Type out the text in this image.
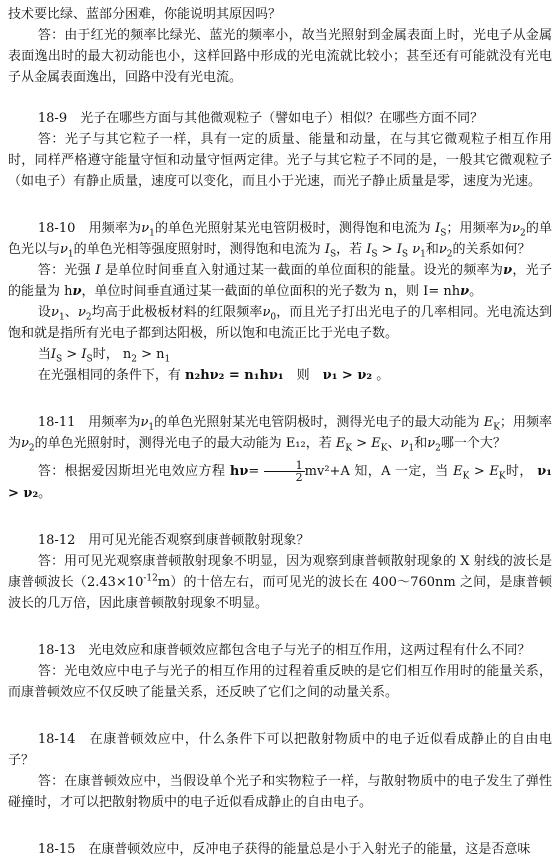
技术要比绿、蓝部分困难，你能说明其原因吗？

答：由于红光的频率比绿光、蓝光的频率小，故当光照射到金属表面上时，光电子从金属表面逸出时的最大初动能也小，这样回路中形成的光电流就比较小；甚至还有可能就没有光电子从金属表面逸出，回路中没有光电流。

18-9　光子在哪些方面与其他微观粒子（譬如电子）相似？在哪些方面不同？

答：光子与其它粒子一样，具有一定的质量、能量和动量，在与其它微观粒子相互作用时，同样严格遵守能量守恒和动量守恒两定律。光子与其它粒子不同的是，一般其它微观粒子（如电子）有静止质量，速度可以变化，而且小于光速，而光子静止质量是零，速度为光速。

18-10　用频率为$\nu_1$的单色光照射某光电管阴极时，测得饱和电流为 $I_S$；用频率为$\nu_2$的单色光以与$\nu_1$的单色光相等强度照射时，测得饱和电流为 $I_S$，若 $I_S > I_S$ $\nu_1$和$\nu_2$的关系如何？

答：光强 I 是单位时间垂直入射通过某一截面的单位面积的能量。设光的频率为ν，光子的能量为 hν，单位时间垂直通过某一截面的单位面积的光子数为 n，则 I= nhν。

设$\nu_1$、$\nu_2$均高于此极板材料的红限频率$\nu_0$，而且光子打出光电子的几率相同。光电流达到饱和就是指所有光电子都到达阳极，所以饱和电流正比于光电子数。

当$I_S > I_S$时， $n_2 > n_1$

在光强相同的条件下，有 n₂hν₂ = n₁hν₁　 则　 ν₁ > ν₂ 。

18-11　用频率为$\nu_1$的单色光照射某光电管阴极时，测得光电子的最大动能为 $E_K$；用频率为$\nu_2$的单色光照射时，测得光电子的最大动能为 E₁₂，若 $E_K > E_K$、$\nu_1$和$\nu_2$哪一个大？

答：根据爱因斯坦光电效应方程 $h\nu= \frac{1}{2} mv^2+A$ 知，A 一定，当 $E_K > E_K$时， ν₁ > ν₂。

18-12　用可见光能否观察到康普顿散射现象？

答：用可见光观察康普顿散射现象不明显，因为观察到康普顿散射现象的 X 射线的波长是康普顿波长$(2.43\times 10^{-12}m)$的十倍左右，而可见光的波长在 400～760nm 之间，是康普顿波长的几万倍，因此康普顿散射现象不明显。

18-13　光电效应和康普顿效应都包含电子与光子的相互作用，这两过程有什么不同？

答：光电效应中电子与光子的相互作用的过程着重反映的是它们相互作用时的能量关系，而康普顿效应不仅反映了能量关系，还反映了它们之间的动量关系。

18-14　在康普顿效应中，什么条件下可以把散射物质中的电子近似看成静止的自由电子？

答：在康普顿效应中，当假设单个光子和实物粒子一样，与散射物质中的电子发生了弹性碰撞时，才可以把散射物质中的电子近似看成静止的自由电子。

18-15　在康普顿效应中，反冲电子获得的能量总是小于入射光子的能量，这是否意味
